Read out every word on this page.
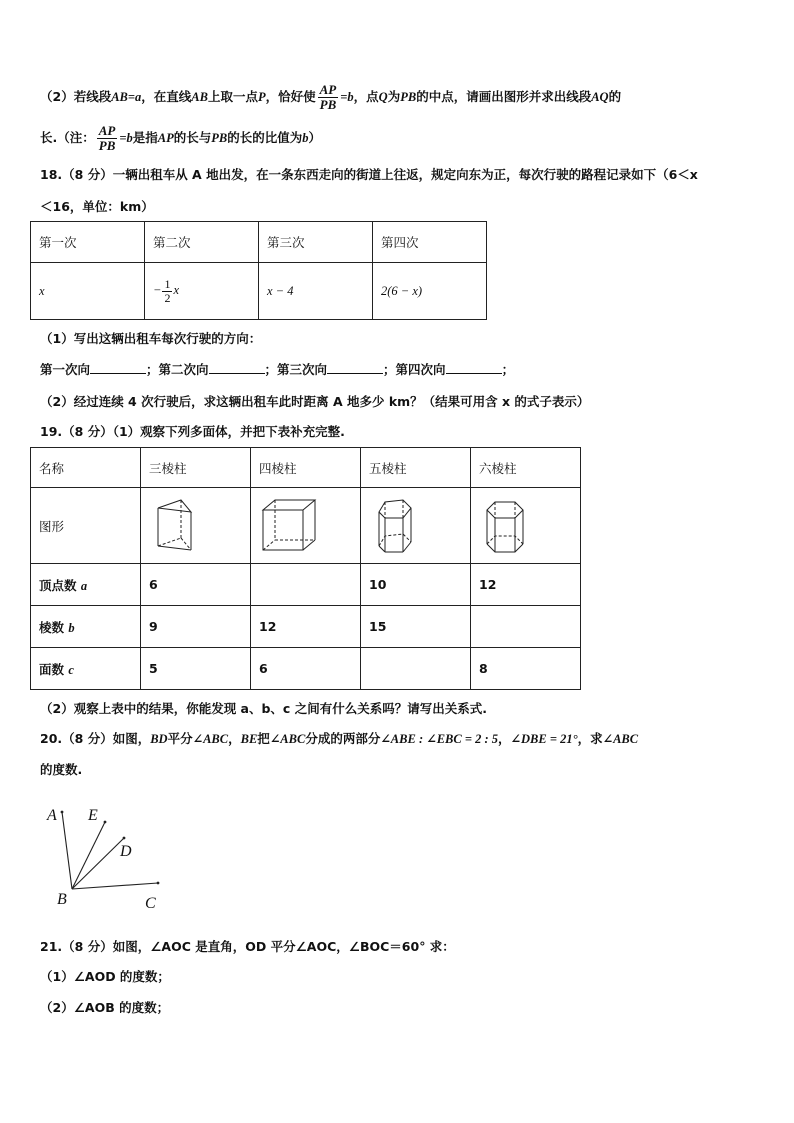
（2）若线段AB=a，在直线AB上取一点P，恰好使 $\frac{AP}{PB} =b$，点Q为PB的中点，请画出图形并求出线段AQ的
长.（注： $\frac{AP}{PB} =b$是指AP的长与PB的长的比值为b）
18.（8 分）一辆出租车从 A 地出发，在一条东西走向的街道上往返，规定向东为正，每次行驶的路程记录如下（6＜x
＜16，单位：km）
第一次	第二次	第三次	第四次
x	− $\frac{1}{2}$ x	x − 4	2(6 − x)
（1）写出这辆出租车每次行驶的方向：
第一次向	；第二次向	；第三次向	；第四次向	；
（2）经过连续 4 次行驶后，求这辆出租车此时距离 A 地多少 km？（结果可用含 x 的式子表示）
19.（8 分）（1）观察下列多面体，并把下表补充完整.
名称	三棱柱	四棱柱	五棱柱	六棱柱
图形	

顶点数 a	6		10	12
棱数 b	9	12	15	
面数 c	5	6		8
（2）观察上表中的结果，你能发现 a、b、c 之间有什么关系吗？请写出关系式.
20.（8 分）如图，BD平分∠ABC，BE把∠ABC分成的两部分∠ABE : ∠EBC = 2 : 5，∠DBE = 21°，求∠ABC
的度数.
A E
D
B	C
21.（8 分）如图，∠AOC 是直角，OD 平分∠AOC，∠BOC＝60° 求：
（1）∠AOD 的度数；
（2）∠AOB 的度数；
